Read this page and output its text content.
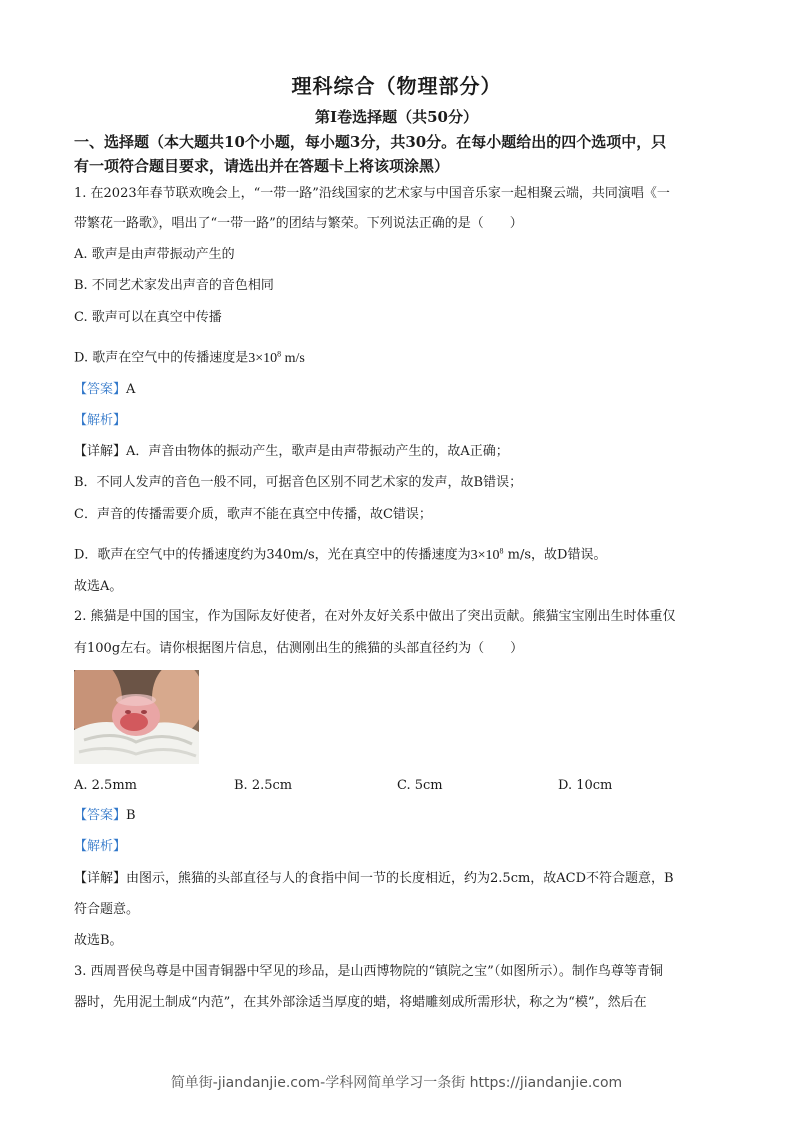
理科综合（物理部分）
第I卷选择题（共50分）
一、选择题（本大题共10个小题，每小题3分，共30分。在每小题给出的四个选项中，只
有一项符合题目要求，请选出并在答题卡上将该项涂黑）
1. 在2023年春节联欢晚会上，“一带一路”沿线国家的艺术家与中国音乐家一起相聚云端，共同演唱《一
带繁花一路歌》，唱出了“一带一路”的团结与繁荣。下列说法正确的是（　　）
A. 歌声是由声带振动产生的
B. 不同艺术家发出声音的音色相同
C. 歌声可以在真空中传播
D. 歌声在空气中的传播速度是$3\times 10^8$ m/s
【答案】A
【解析】
【详解】A．声音由物体的振动产生，歌声是由声带振动产生的，故A正确；
B．不同人发声的音色一般不同，可据音色区别不同艺术家的发声，故B错误；
C．声音的传播需要介质，歌声不能在真空中传播，故C错误；
D．歌声在空气中的传播速度约为340m/s，光在真空中的传播速度为$3\times 10^8$ m/s，故D错误。
故选A。
2. 熊猫是中国的国宝，作为国际友好使者，在对外友好关系中做出了突出贡献。熊猫宝宝刚出生时体重仅
有100g左右。请你根据图片信息，估测刚出生的熊猫的头部直径约为（　　）
A. 2.5mm	B. 2.5cm	C. 5cm	D. 10cm
【答案】B
【解析】
【详解】由图示，熊猫的头部直径与人的食指中间一节的长度相近，约为2.5cm，故ACD不符合题意，B
符合题意。
故选B。
3. 西周晋侯鸟尊是中国青铜器中罕见的珍品，是山西博物院的“镇院之宝”（如图所示）。制作鸟尊等青铜
器时，先用泥土制成“内范”，在其外部涂适当厚度的蜡，将蜡雕刻成所需形状，称之为“模”，然后在
简单街-jiandanjie.com-学科网简单学习一条街 https://jiandanjie.com
